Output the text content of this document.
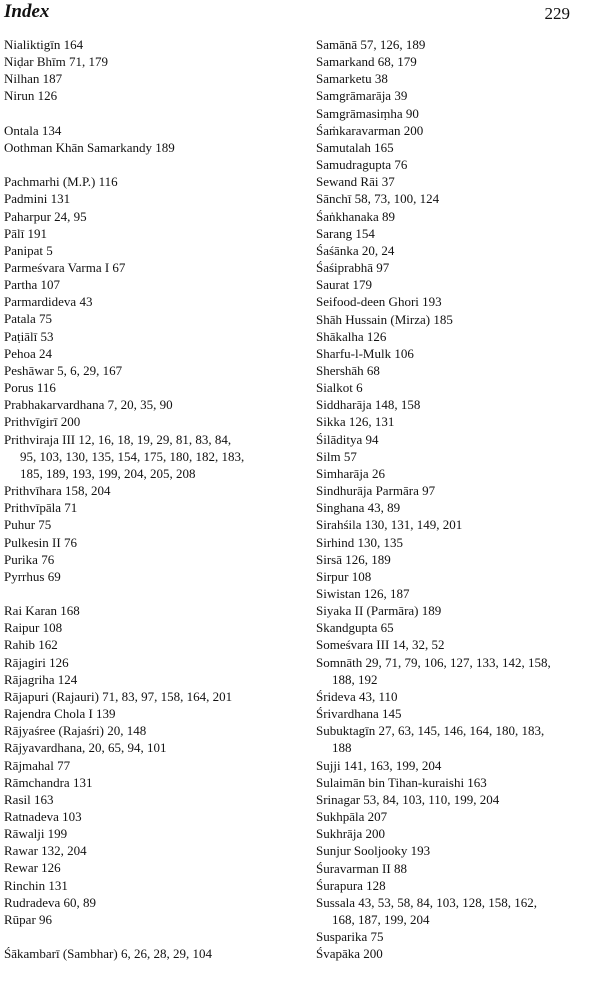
Index	229
Nialiktigīn 164
Niḍar Bhīm 71, 179
Nilhan 187
Nirun 126
Ontala 134
Oothman Khān Samarkandy 189
Pachmarhi (M.P.) 116
Padmini 131
Paharpur 24, 95
Pālī 191
Panipat 5
Parmeśvara Varma I 67
Partha 107
Parmardideva 43
Patala 75
Paṭiālī 53
Pehoa 24
Peshāwar 5, 6, 29, 167
Porus 116
Prabhakarvardhana 7, 20, 35, 90
Prithvīgirī 200
Prithviraja III 12, 16, 18, 19, 29, 81, 83, 84,
95, 103, 130, 135, 154, 175, 180, 182, 183,
185, 189, 193, 199, 204, 205, 208
Prithvīhara 158, 204
Prithvīpāla 71
Puhur 75
Pulkesin II 76
Purika 76
Pyrrhus 69
Rai Karan 168
Raipur 108
Rahib 162
Rājagiri 126
Rājagriha 124
Rājapuri (Rajauri) 71, 83, 97, 158, 164, 201
Rajendra Chola I 139
Rājyaśree (Rajaśri) 20, 148
Rājyavardhana, 20, 65, 94, 101
Rājmahal 77
Rāmchandra 131
Rasil 163
Ratnadeva 103
Rāwalji 199
Rawar 132, 204
Rewar 126
Rinchin 131
Rudradeva 60, 89
Rūpar 96
Śākambarī (Sambhar) 6, 26, 28, 29, 104
Samānā 57, 126, 189
Samarkand 68, 179
Samarketu 38
Samgrāmarāja 39
Samgrāmasiṃha 90
Śaṁkaravarman 200
Samutalah 165
Samudragupta 76
Sewand Rāi 37
Sānchī 58, 73, 100, 124
Śaṅkhanaka 89
Sarang 154
Śaśānka 20, 24
Śaśiprabhā 97
Saurat 179
Seifood-deen Ghori 193
Shāh Hussain (Mirza) 185
Shākalha 126
Sharfu-l-Mulk 106
Shershāh 68
Sialkot 6
Siddharāja 148, 158
Sikka 126, 131
Śilāditya 94
Silm 57
Simharāja 26
Sindhurāja Parmāra 97
Singhana 43, 89
Sirahśila 130, 131, 149, 201
Sirhind 130, 135
Sirsā 126, 189
Sirpur 108
Siwistan 126, 187
Siyaka II (Parmāra) 189
Skandgupta 65
Someśvara III 14, 32, 52
Somnāth 29, 71, 79, 106, 127, 133, 142, 158,
188, 192
Śrideva 43, 110
Śrivardhana 145
Subuktagīn 27, 63, 145, 146, 164, 180, 183,
188
Sujji 141, 163, 199, 204
Sulaimān bin Tihan-kuraishi 163
Srinagar 53, 84, 103, 110, 199, 204
Sukhpāla 207
Sukhrāja 200
Sunjur Sooljooky 193
Śuravarman II 88
Śurapura 128
Sussala 43, 53, 58, 84, 103, 128, 158, 162,
168, 187, 199, 204
Susparika 75
Śvapāka 200
